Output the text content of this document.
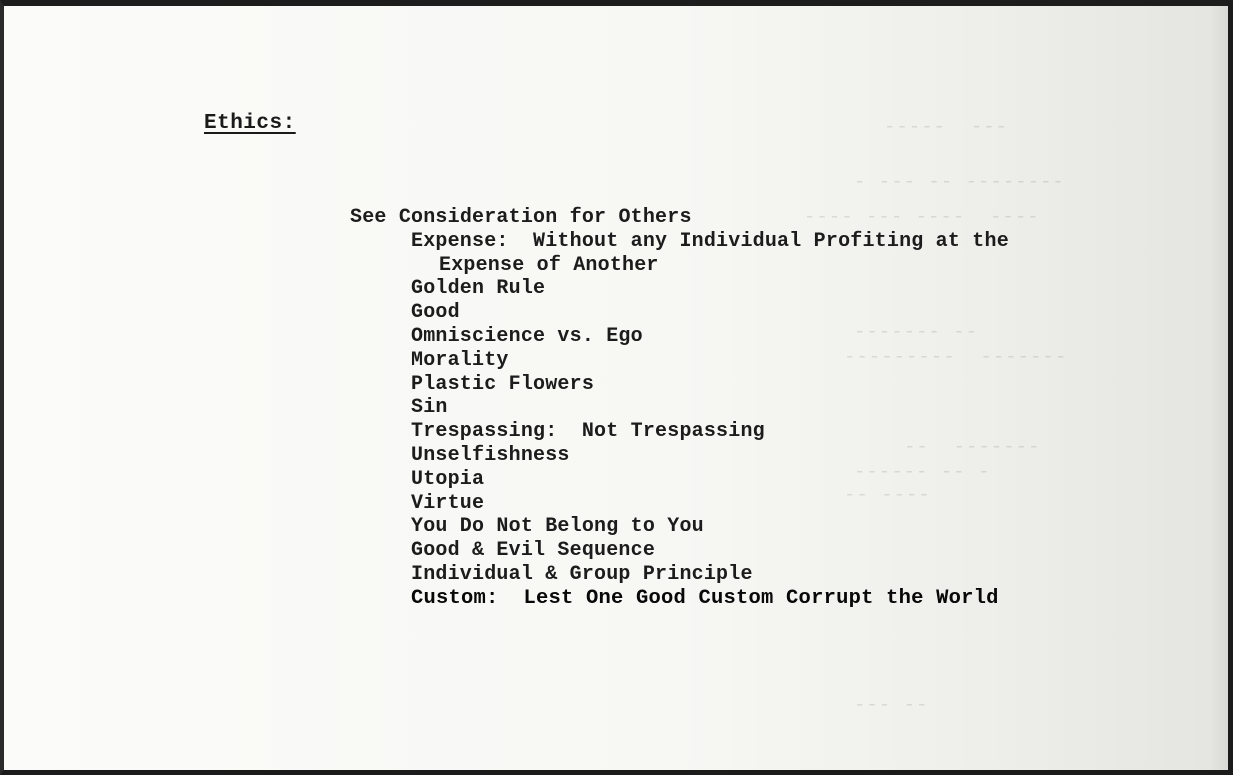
-----  ---
- --- -- --------
---- --- ----  ----
------- --
---------  -------
--  -------
------ -- -
-- ----
--- --
Ethics:
See Consideration for Others
Expense:  Without any Individual Profiting at the
Expense of Another
Golden Rule
Good
Omniscience vs. Ego
Morality
Plastic Flowers
Sin
Trespassing:  Not Trespassing
Unselfishness
Utopia
Virtue
You Do Not Belong to You
Good & Evil Sequence
Individual & Group Principle
Custom:  Lest One Good Custom Corrupt the World
